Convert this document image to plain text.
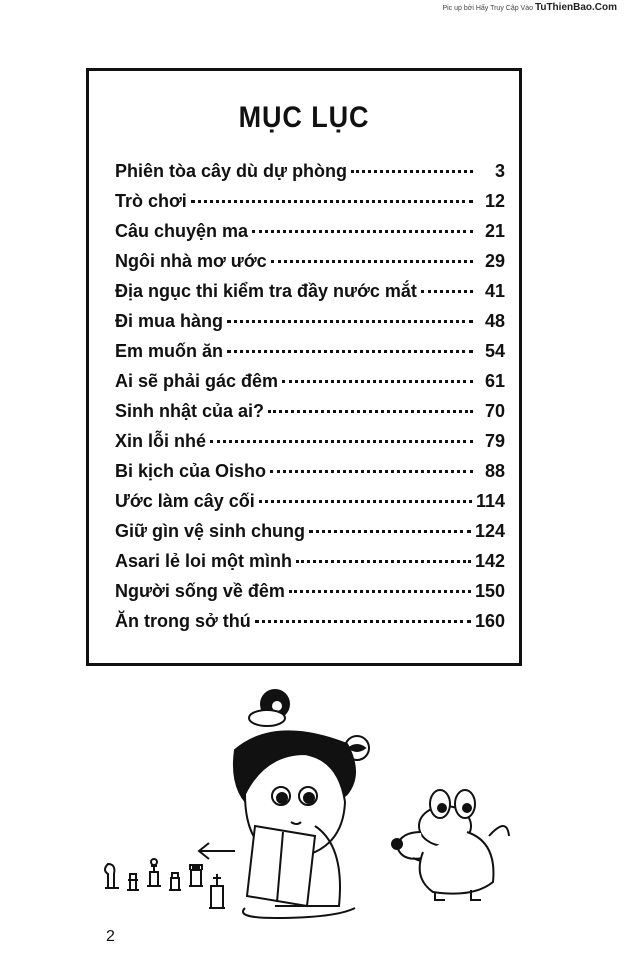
Pic up bởi Hấy Truy Cập Vào TuThienBao.Com
MỤC LỤC
Phiên tòa cây dù dự phòng	3
Trò chơi	12
Câu chuyện ma	21
Ngôi nhà mơ ước	29
Địa ngục thi kiểm tra đầy nước mắt	41
Đi mua hàng	48
Em muốn ăn	54
Ai sẽ phải gác đêm	61
Sinh nhật của ai?	70
Xin lỗi nhé	79
Bi kịch của Oisho	88
Ước làm cây cối	114
Giữ gìn vệ sinh chung	124
Asari lẻ loi một mình	142
Người sống về đêm	150
Ăn trong sở thú	160
2
